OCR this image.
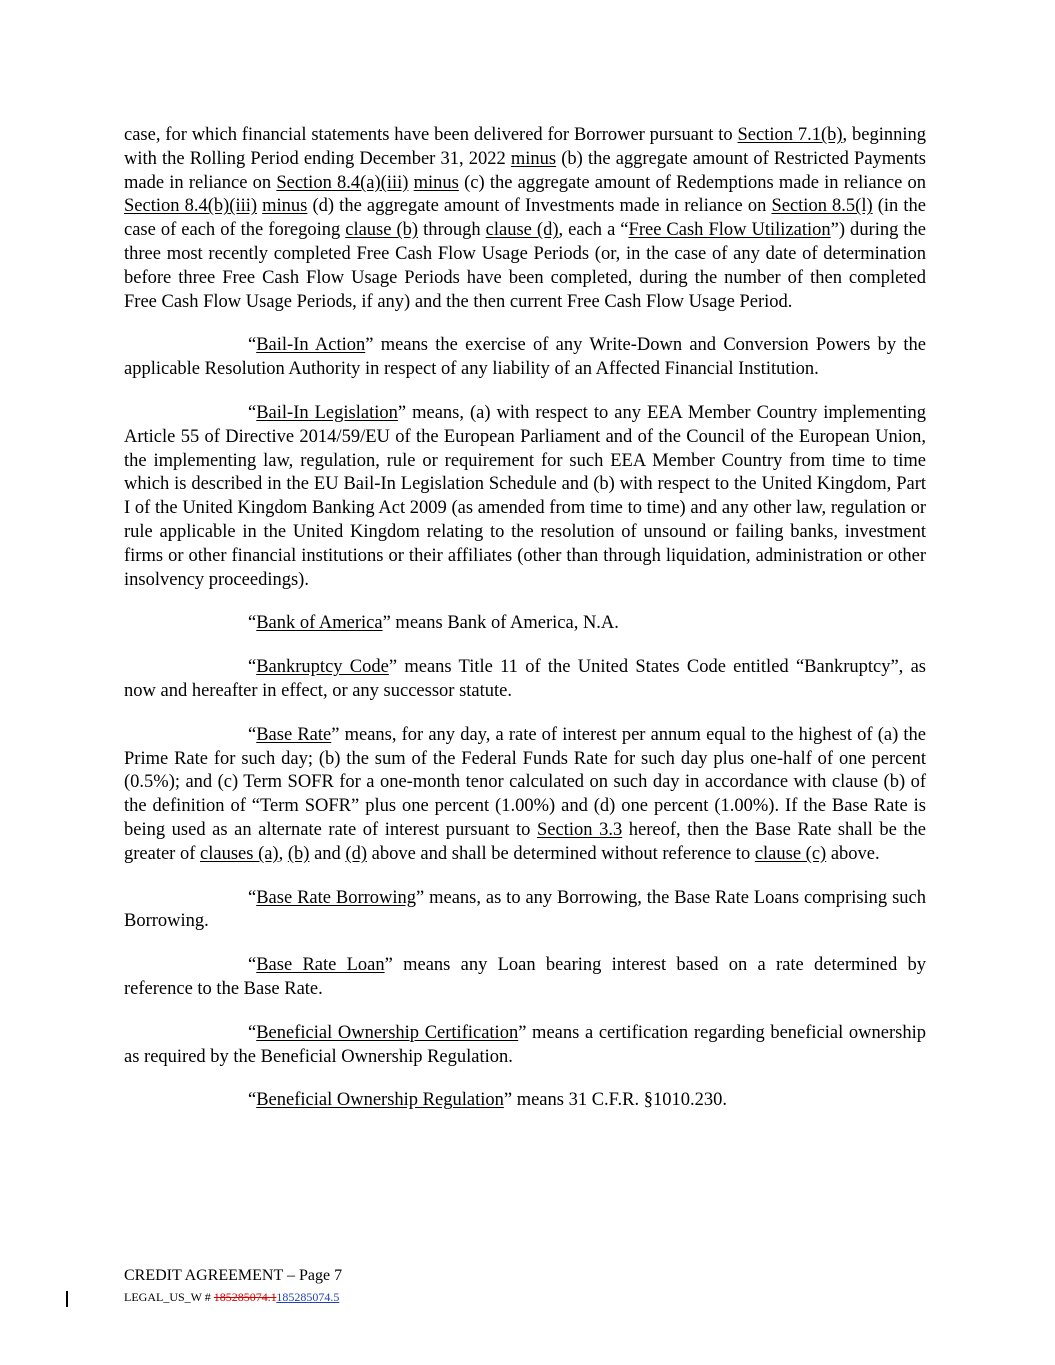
case, for which financial statements have been delivered for Borrower pursuant to Section 7.1(b), beginning with the Rolling Period ending December 31, 2022 minus (b) the aggregate amount of Restricted Payments made in reliance on Section 8.4(a)(iii) minus (c) the aggregate amount of Redemptions made in reliance on Section 8.4(b)(iii) minus (d) the aggregate amount of Investments made in reliance on Section 8.5(l) (in the case of each of the foregoing clause (b) through clause (d), each a “Free Cash Flow Utilization”) during the three most recently completed Free Cash Flow Usage Periods (or, in the case of any date of determination before three Free Cash Flow Usage Periods have been completed, during the number of then completed Free Cash Flow Usage Periods, if any) and the then current Free Cash Flow Usage Period.

“Bail-In Action” means the exercise of any Write-Down and Conversion Powers by the applicable Resolution Authority in respect of any liability of an Affected Financial Institution.

“Bail-In Legislation” means, (a) with respect to any EEA Member Country implementing Article 55 of Directive 2014/59/EU of the European Parliament and of the Council of the European Union, the implementing law, regulation, rule or requirement for such EEA Member Country from time to time which is described in the EU Bail-In Legislation Schedule and (b) with respect to the United Kingdom, Part I of the United Kingdom Banking Act 2009 (as amended from time to time) and any other law, regulation or rule applicable in the United Kingdom relating to the resolution of unsound or failing banks, investment firms or other financial institutions or their affiliates (other than through liquidation, administration or other insolvency proceedings).

“Bank of America” means Bank of America, N.A.

“Bankruptcy Code” means Title 11 of the United States Code entitled “Bankruptcy”, as now and hereafter in effect, or any successor statute.

“Base Rate” means, for any day, a rate of interest per annum equal to the highest of (a) the Prime Rate for such day; (b) the sum of the Federal Funds Rate for such day plus one-half of one percent (0.5%); and (c) Term SOFR for a one-month tenor calculated on such day in accordance with clause (b) of the definition of “Term SOFR” plus one percent (1.00%) and (d) one percent (1.00%). If the Base Rate is being used as an alternate rate of interest pursuant to Section 3.3 hereof, then the Base Rate shall be the greater of clauses (a), (b) and (d) above and shall be determined without reference to clause (c) above.

“Base Rate Borrowing” means, as to any Borrowing, the Base Rate Loans comprising such Borrowing.

“Base Rate Loan” means any Loan bearing interest based on a rate determined by reference to the Base Rate.

“Beneficial Ownership Certification” means a certification regarding beneficial ownership as required by the Beneficial Ownership Regulation.

“Beneficial Ownership Regulation” means 31 C.F.R. §1010.230.

CREDIT AGREEMENT – Page 7
LEGAL_US_W # 185285074.1185285074.5
